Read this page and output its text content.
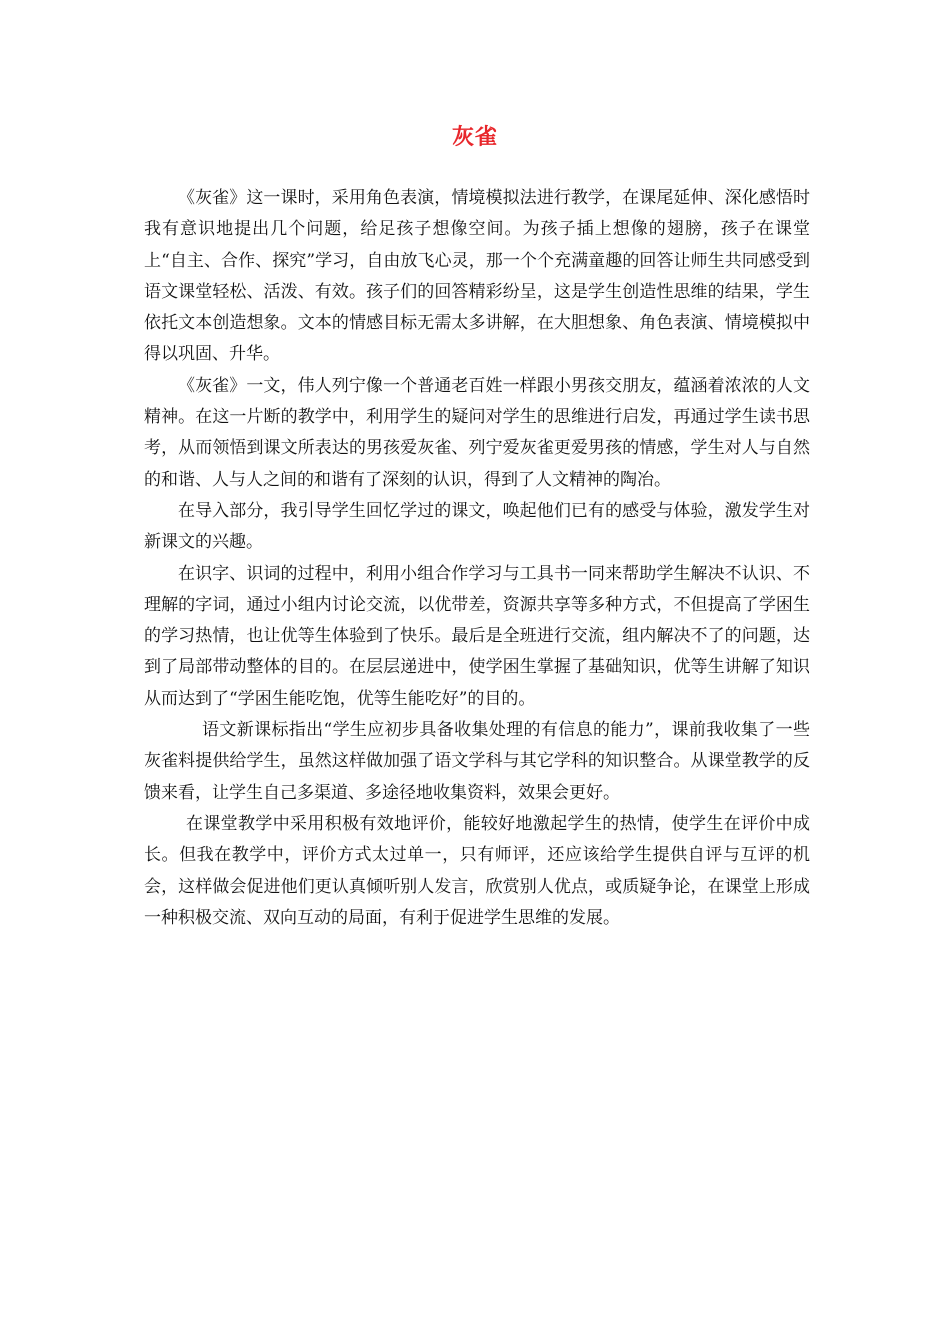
灰雀

《灰雀》这一课时，采用角色表演，情境模拟法进行教学，在课尾延伸、深化感悟时我有意识地提出几个问题，给足孩子想像空间。为孩子插上想像的翅膀，孩子在课堂上“自主、合作、探究”学习，自由放飞心灵，那一个个充满童趣的回答让师生共同感受到语文课堂轻松、活泼、有效。孩子们的回答精彩纷呈，这是学生创造性思维的结果，学生依托文本创造想象。文本的情感目标无需太多讲解，在大胆想象、角色表演、情境模拟中得以巩固、升华。

《灰雀》一文，伟人列宁像一个普通老百姓一样跟小男孩交朋友，蕴涵着浓浓的人文精神。在这一片断的教学中，利用学生的疑问对学生的思维进行启发，再通过学生读书思考，从而领悟到课文所表达的男孩爱灰雀、列宁爱灰雀更爱男孩的情感，学生对人与自然的和谐、人与人之间的和谐有了深刻的认识，得到了人文精神的陶冶。

在导入部分，我引导学生回忆学过的课文，唤起他们已有的感受与体验，激发学生对新课文的兴趣。

在识字、识词的过程中，利用小组合作学习与工具书一同来帮助学生解决不认识、不理解的字词，通过小组内讨论交流，以优带差，资源共享等多种方式，不但提高了学困生的学习热情，也让优等生体验到了快乐。最后是全班进行交流，组内解决不了的问题，达到了局部带动整体的目的。在层层递进中，使学困生掌握了基础知识，优等生讲解了知识从而达到了“学困生能吃饱，优等生能吃好”的目的。

语文新课标指出“学生应初步具备收集处理的有信息的能力”，课前我收集了一些灰雀料提供给学生，虽然这样做加强了语文学科与其它学科的知识整合。从课堂教学的反馈来看，让学生自己多渠道、多途径地收集资料，效果会更好。

在课堂教学中采用积极有效地评价，能较好地激起学生的热情，使学生在评价中成长。但我在教学中，评价方式太过单一，只有师评，还应该给学生提供自评与互评的机会，这样做会促进他们更认真倾听别人发言，欣赏别人优点，或质疑争论，在课堂上形成一种积极交流、双向互动的局面，有利于促进学生思维的发展。
